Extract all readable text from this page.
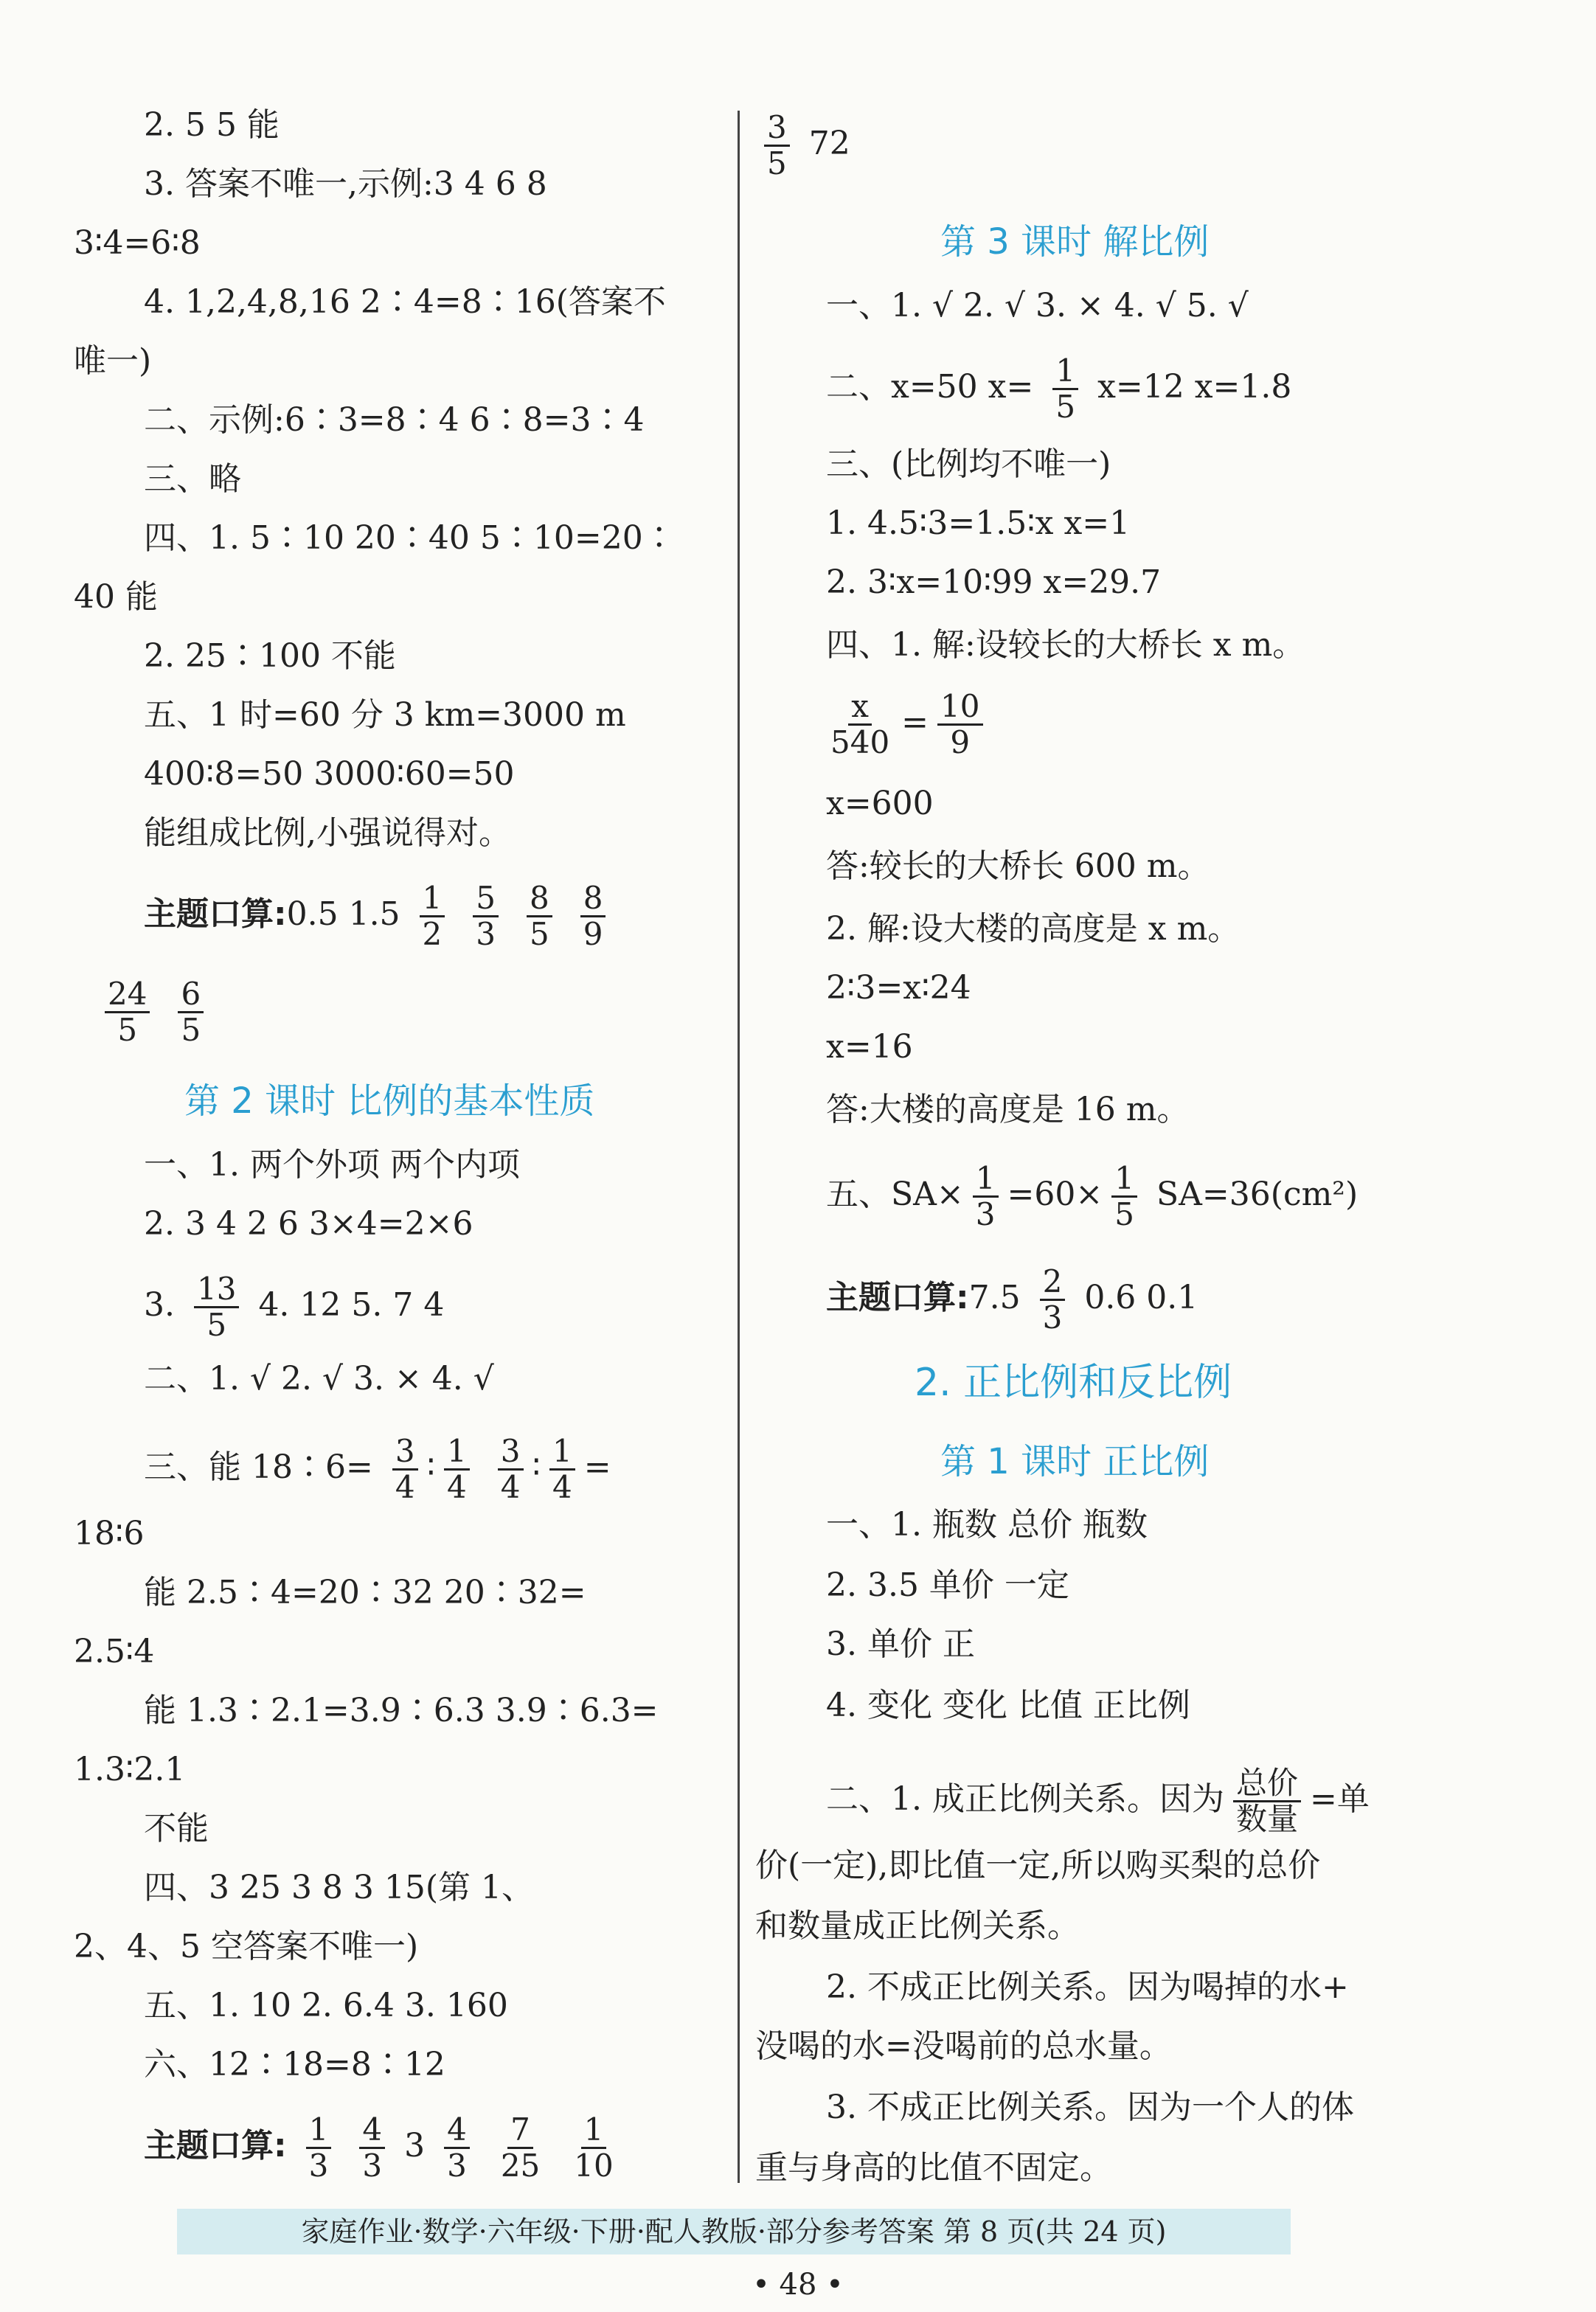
2. 5 5 能
3. 答案不唯一,示例:3 4 6 8
3∶4=6∶8
4. 1,2,4,8,16 2∶4=8∶16(答案不
唯一)
二、示例:6∶3=8∶4 6∶8=3∶4
三、略
四、1. 5∶10 20∶40 5∶10=20∶
40 能
2. 25∶100 不能
五、1 时=60 分 3 km=3000 m
400∶8=50 3000∶60=50
能组成比例,小强说得对。
主题口算:0.5 $1.5 \frac{1}{2}$
$\frac{5}{3}$
$\frac{8}{5}$
$\frac{8}{9}$
$\frac{24}{5}$
$\frac{6}{5}$
第 2 课时 比例的基本性质
一、1. 两个外项 两个内项
2. 3 4 2 6 3×4=2×6
3. $\frac{13}{5} 4$. 12 5. 7 4
二、1. √ 2. √ 3. × 4. √
三、能 18∶6= $\frac{3}{4}$ ∶ $\frac{1}{4}$
$\frac{3}{4}$ ∶ $\frac{1}{4}$ =
18∶6
能 2.5∶4=20∶32 20∶32=
2.5∶4
能 1.3∶2.1=3.9∶6.3 3.9∶6.3=
1.3∶2.1
不能
四、3 25 3 8 3 15(第 1、
2、4、5 空答案不唯一)
五、1. 10 2. 6.4 3. 160
六、12∶18=8∶12
主题口算: $\frac{1}{3}$
$\frac{4}{3} 3 \frac{4}{3}$
$\frac{7}{25}$
$\frac{1}{10}$
$\frac{3}{5} 72$
第 3 课时 解比例
一、1. √ 2. √ 3. × 4. √ 5. √
二、x=50 $x= \frac{1}{5} x=12$ x=1.8
三、(比例均不唯一)
1. 4.5∶3=1.5∶x x=1
2. 3∶x=10∶99 x=29.7
四、1. 解:设较长的大桥长 x m。
$\frac{x}{540} = \frac{10}{9}$
x=600
答:较长的大桥长 600 m。
2. 解:设大楼的高度是 x m。
2∶3=x∶24
x=16
答:大楼的高度是 16 m。
五、$SA\times \frac{1}{3} =60\times \frac{1}{5} SA=36(cm^2)$
主题口算:7.5 $\frac{2}{3} 0.6$ 0.1
2. 正比例和反比例
第 1 课时 正比例
一、1. 瓶数 总价 瓶数
2. 3.5 单价 一定
3. 单价 正
4. 变化 变化 比值 正比例
二、1. 成正比例关系。因为 $\frac{\text{总价}}{\text{数量}}$ =单
价(一定),即比值一定,所以购买梨的总价
和数量成正比例关系。
2. 不成正比例关系。因为喝掉的水+
没喝的水=没喝前的总水量。
3. 不成正比例关系。因为一个人的体
重与身高的比值不固定。
家庭作业·数学·六年级·下册·配人教版·部分参考答案 第 8 页(共 24 页)
• 48 •
